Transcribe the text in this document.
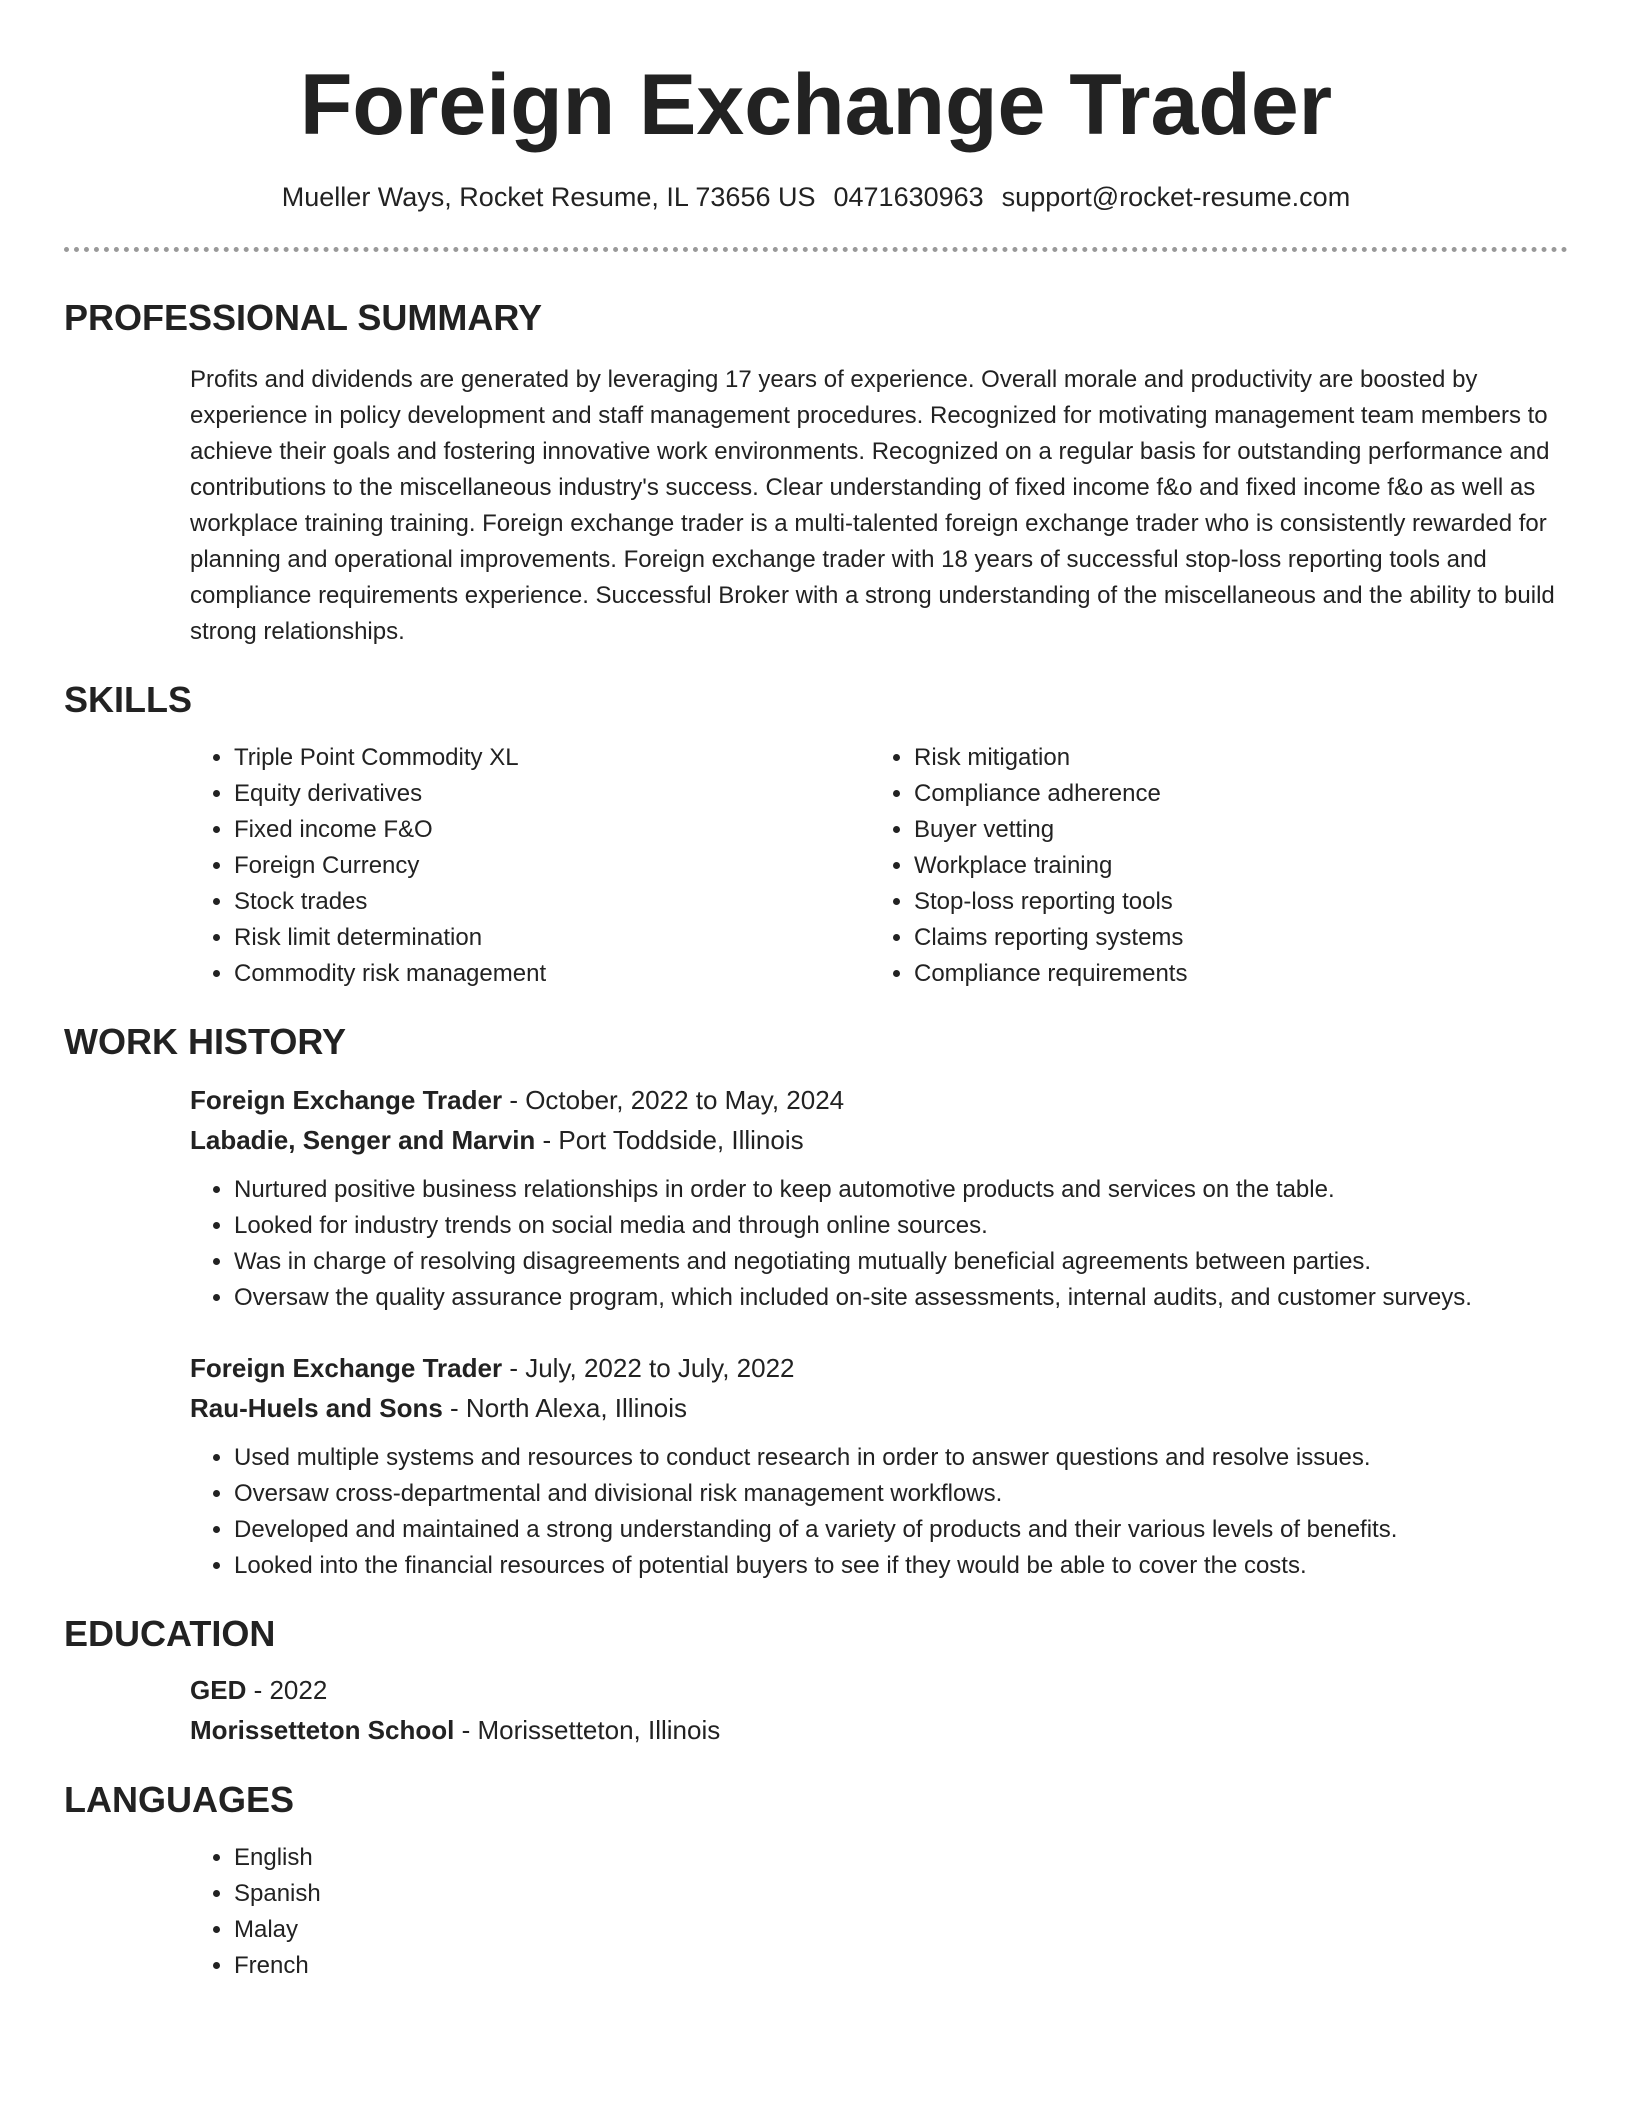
Foreign Exchange Trader
Mueller Ways, Rocket Resume, IL 73656 US 0471630963 support@rocket-resume.com
PROFESSIONAL SUMMARY

Profits and dividends are generated by leveraging 17 years of experience. Overall morale and productivity are boosted by experience in policy development and staff management procedures. Recognized for motivating management team members to achieve their goals and fostering innovative work environments. Recognized on a regular basis for outstanding performance and contributions to the miscellaneous industry's success. Clear understanding of fixed income f&o and fixed income f&o as well as workplace training training. Foreign exchange trader is a multi-talented foreign exchange trader who is consistently rewarded for planning and operational improvements. Foreign exchange trader with 18 years of successful stop-loss reporting tools and compliance requirements experience. Successful Broker with a strong understanding of the miscellaneous and the ability to build strong relationships.

SKILLS
• Triple Point Commodity XL
• Equity derivatives
• Fixed income F&O
• Foreign Currency
• Stock trades
• Risk limit determination
• Commodity risk management
• Risk mitigation
• Compliance adherence
• Buyer vetting
• Workplace training
• Stop-loss reporting tools
• Claims reporting systems
• Compliance requirements
WORK HISTORY
Foreign Exchange Trader - October, 2022 to May, 2024
Labadie, Senger and Marvin - Port Toddside, Illinois
• Nurtured positive business relationships in order to keep automotive products and services on the table.
• Looked for industry trends on social media and through online sources.
• Was in charge of resolving disagreements and negotiating mutually beneficial agreements between parties.
• Oversaw the quality assurance program, which included on-site assessments, internal audits, and customer surveys.
Foreign Exchange Trader - July, 2022 to July, 2022
Rau-Huels and Sons - North Alexa, Illinois
• Used multiple systems and resources to conduct research in order to answer questions and resolve issues.
• Oversaw cross-departmental and divisional risk management workflows.
• Developed and maintained a strong understanding of a variety of products and their various levels of benefits.
• Looked into the financial resources of potential buyers to see if they would be able to cover the costs.
EDUCATION
GED - 2022
Morissetteton School - Morissetteton, Illinois
LANGUAGES
• English
• Spanish
• Malay
• French
